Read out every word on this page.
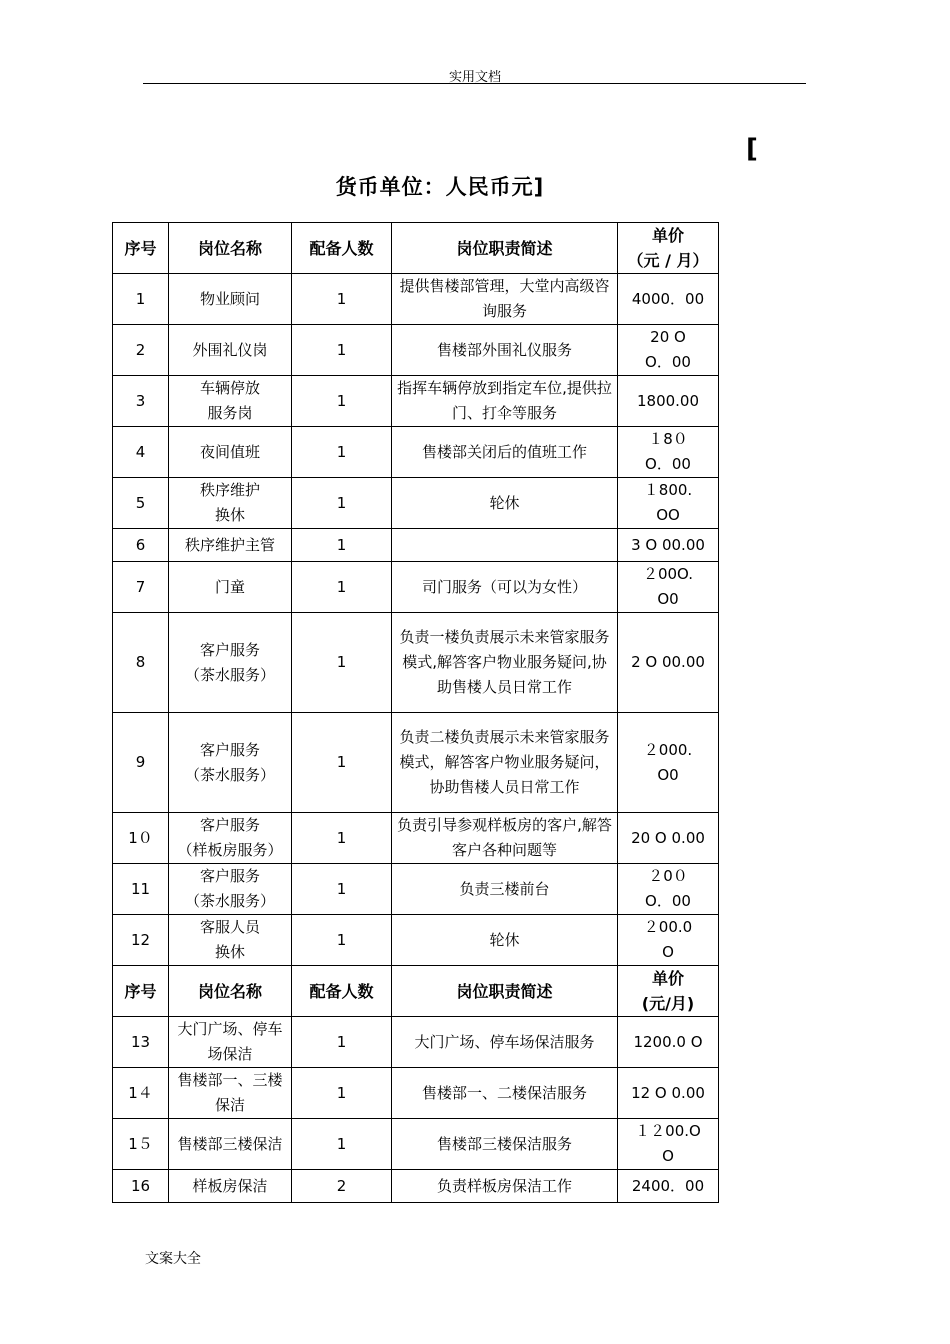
实用文档
[
货币单位：人民币元]
序号	岗位名称	配备人数	岗位职责简述	单价
（元 / 月）
1	物业顾问	1	提供售楼部管理，大堂内高级咨询服务	4000．00
2	外围礼仪岗	1	售楼部外围礼仪服务	20 O
O．00
3	车辆停放
服务岗	1	指挥车辆停放到指定车位,提供拉门、打伞等服务	1800.00
4	夜间值班	1	售楼部关闭后的值班工作	１8０
O．00
5	秩序维护
换休	1	轮休	１800.
OO
6	秩序维护主管	1		3 O 00.00
7	门童	1	司门服务（可以为女性）	２00O.
O0
8	客户服务
（茶水服务）	1	负责一楼负责展示未来管家服务模式,解答客户物业服务疑问,协助售楼人员日常工作	2 O 00.00
9	客户服务
（茶水服务）	1	负责二楼负责展示未来管家服务模式，解答客户物业服务疑问，协助售楼人员日常工作	２000.
O0
1０	客户服务
（样板房服务）	1	负责引导参观样板房的客户,解答客户各种问题等	20 O 0.00
11	客户服务
（茶水服务）	1	负责三楼前台	２0０
O．00
12	客服人员
换休	1	轮休	２00.0
O
序号	岗位名称	配备人数	岗位职责简述	单价
(元/月)
13	大门广场、停车场保洁	1	大门广场、停车场保洁服务	1200.0 O
1４	售楼部一、三楼保洁	1	售楼部一、二楼保洁服务	12 O 0.00
1５	售楼部三楼保洁	1	售楼部三楼保洁服务	１２00.O
O
16	样板房保洁	2	负责样板房保洁工作	2400．00
文案大全
